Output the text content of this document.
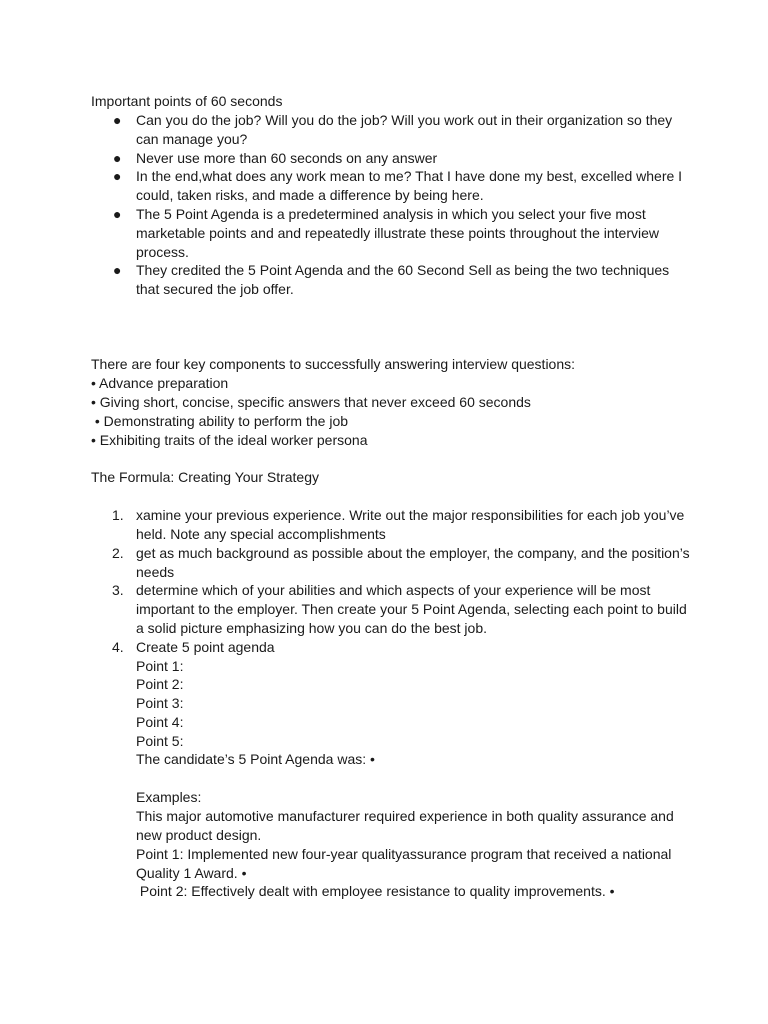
Important points of 60 seconds
● Can you do the job? Will you do the job? Will you work out in their organization so they can manage you?
● Never use more than 60 seconds on any answer
● In the end,what does any work mean to me? That I have done my best, excelled where I could, taken risks, and made a difference by being here.
● The 5 Point Agenda is a predetermined analysis in which you select your five most marketable points and and repeatedly illustrate these points throughout the interview process.
● They credited the 5 Point Agenda and the 60 Second Sell as being the two techniques that secured the job offer.
There are four key components to successfully answering interview questions:
• Advance preparation
• Giving short, concise, specific answers that never exceed 60 seconds
• Demonstrating ability to perform the job
• Exhibiting traits of the ideal worker persona
The Formula: Creating Your Strategy
1. xamine your previous experience. Write out the major responsibilities for each job you’ve held. Note any special accomplishments
2. get as much background as possible about the employer, the company, and the position’s needs
3. determine which of your abilities and which aspects of your experience will be most important to the employer. Then create your 5 Point Agenda, selecting each point to build a solid picture emphasizing how you can do the best job.
4. Create 5 point agenda
Point 1:
Point 2:
Point 3:
Point 4:
Point 5:
The candidate’s 5 Point Agenda was: •
Examples:
This major automotive manufacturer required experience in both quality assurance and new product design.
Point 1: Implemented new four-year qualityassurance program that received a national Quality 1 Award. •
Point 2: Effectively dealt with employee resistance to quality improvements. •
